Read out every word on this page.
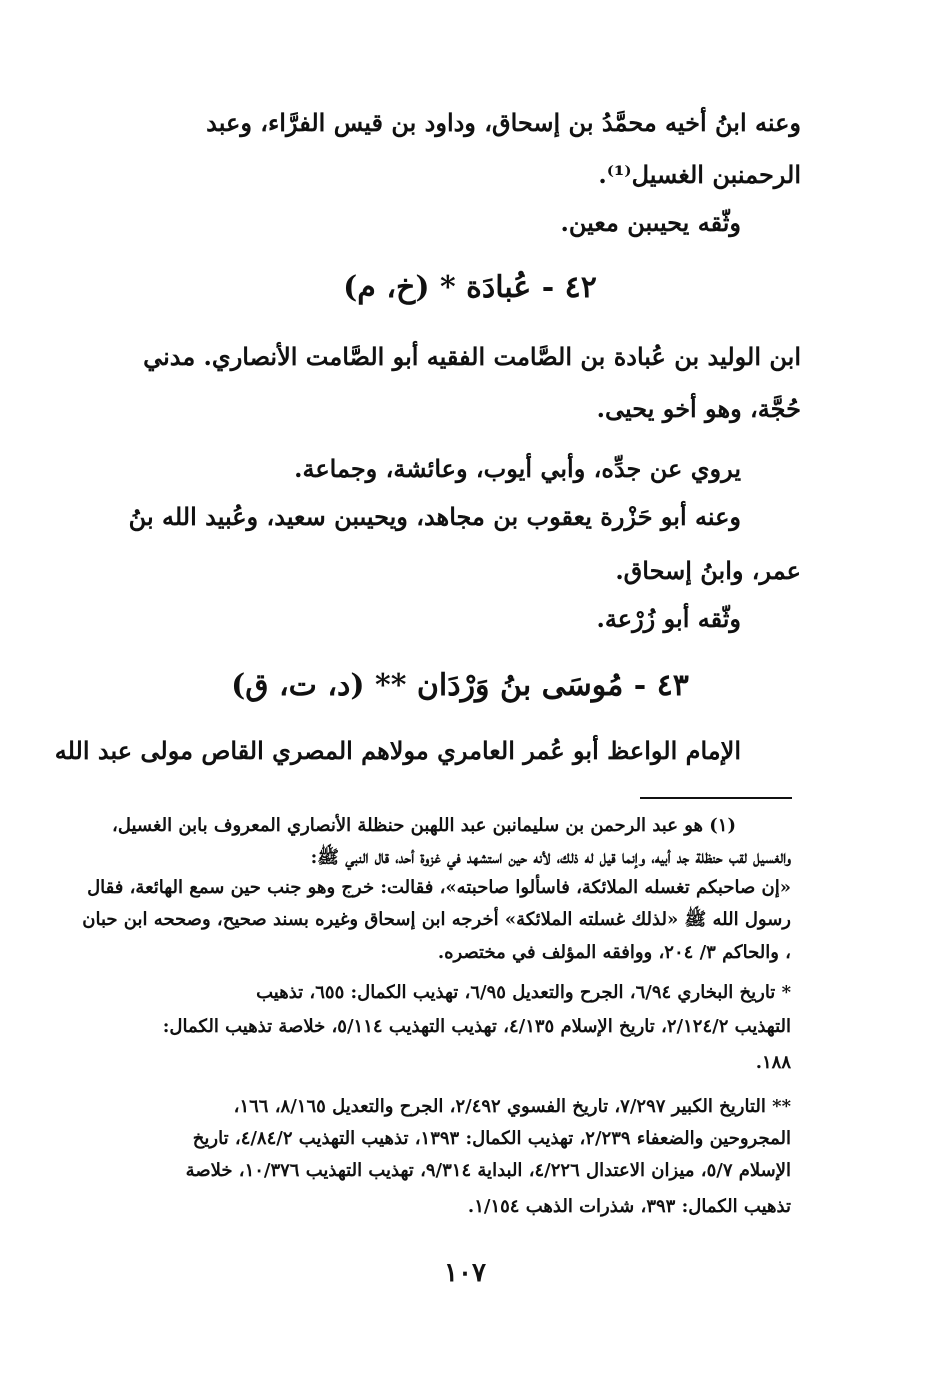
وعنه ابنُ أخيه محمَّدُ بن إسحاق، وداود بن قيس الفرَّاء، وعبد
الرحمنبن الغسيل⁽¹⁾.
وثّقه يحيىبن معين.
٤٢ - عُبادَة * (خ، م)
ابن الوليد بن عُبادة بن الصَّامت الفقيه أبو الصَّامت الأنصاري. مدني
حُجَّة، وهو أخو يحيى.
يروي عن جدِّه، وأبي أيوب، وعائشة، وجماعة.
وعنه أبو حَزْرة يعقوب بن مجاهد، ويحيىبن سعيد، وعُبيد الله بنُ
عمر، وابنُ إسحاق.
وثّقه أبو زُرْعة.
٤٣ - مُوسَى بنُ وَرْدَان ** (د، ت، ق)
الإمام الواعظ أبو عُمر العامري مولاهم المصري القاص مولى عبد الله
(١) هو عبد الرحمن بن سليمانبن عبد اللهبن حنظلة الأنصاري المعروف بابن الغسيل،
والغسيل لقب حنظلة جد أبيه، وإنما قيل له ذلك، لأنه حين استشهد في غزوة أحد، قال النبي ﷺ:
«إن صاحبكم تغسله الملائكة، فاسألوا صاحبته»، فقالت: خرج وهو جنب حين سمع الهائعة، فقال
رسول الله ﷺ «لذلك غسلته الملائكة» أخرجه ابن إسحاق وغيره بسند صحيح، وصححه ابن حبان
، والحاكم ٣/ ٢٠٤، ووافقه المؤلف في مختصره.
* تاريخ البخاري ٦/٩٤، الجرح والتعديل ٦/٩٥، تهذيب الكمال: ٦٥٥، تذهيب
التهذيب ٢/١٢٤/٢، تاريخ الإسلام ٤/١٣٥، تهذيب التهذيب ٥/١١٤، خلاصة تذهيب الكمال:
١٨٨.
** التاريخ الكبير ٧/٢٩٧، تاريخ الفسوي ٢/٤٩٢، الجرح والتعديل ٨/١٦٥، ١٦٦،
المجروحين والضعفاء ٢/٢٣٩، تهذيب الكمال: ١٣٩٣، تذهيب التهذيب ٤/٨٤/٢، تاريخ
الإسلام ٥/٧، ميزان الاعتدال ٤/٢٢٦، البداية ٩/٣١٤، تهذيب التهذيب ١٠/٣٧٦، خلاصة
تذهيب الكمال: ٣٩٣، شذرات الذهب ١/١٥٤.
١٠٧
